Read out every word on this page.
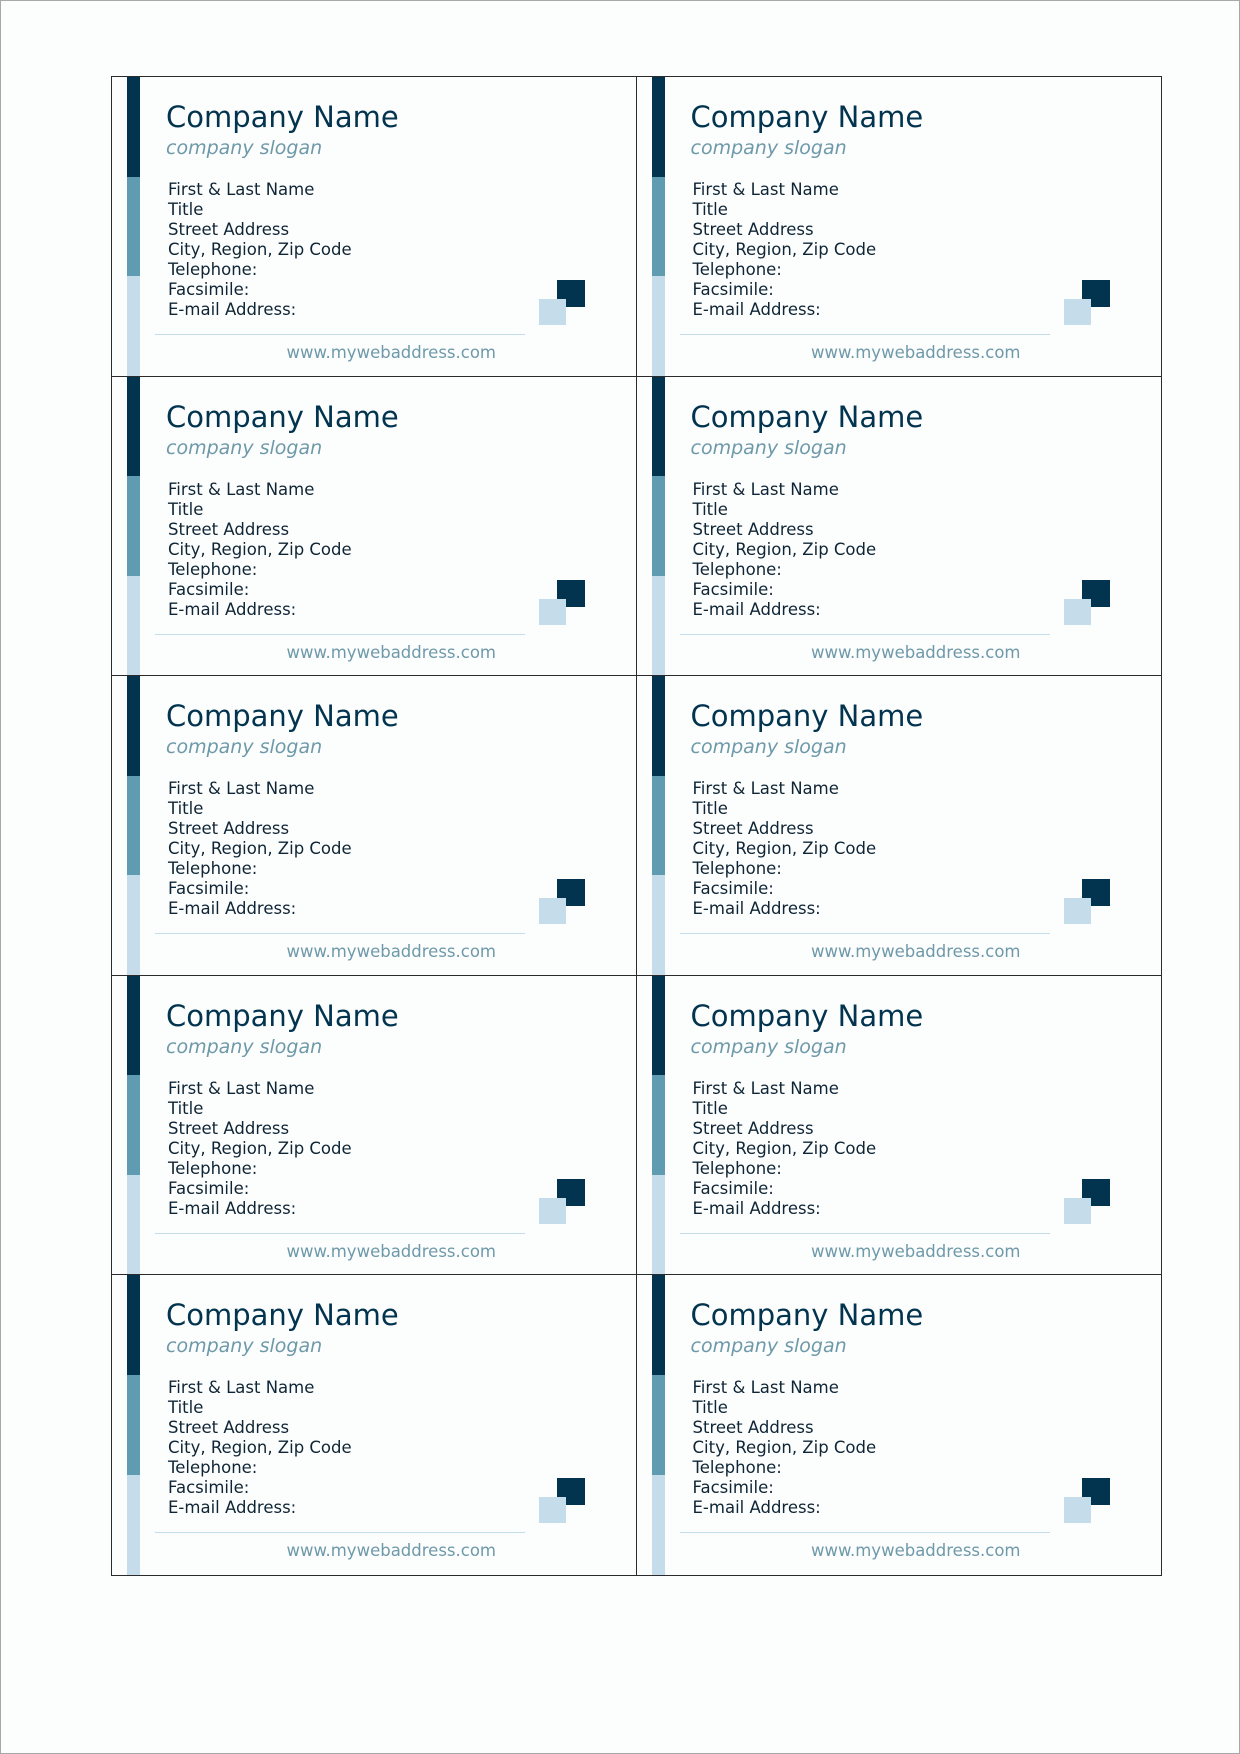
Company Name
company slogan
First & Last Name
Title
Street Address
City, Region, Zip Code
Telephone:
Facsimile:
E-mail Address:
www.mywebaddress.com
Company Name
company slogan
First & Last Name
Title
Street Address
City, Region, Zip Code
Telephone:
Facsimile:
E-mail Address:
www.mywebaddress.com
Company Name
company slogan
First & Last Name
Title
Street Address
City, Region, Zip Code
Telephone:
Facsimile:
E-mail Address:
www.mywebaddress.com
Company Name
company slogan
First & Last Name
Title
Street Address
City, Region, Zip Code
Telephone:
Facsimile:
E-mail Address:
www.mywebaddress.com
Company Name
company slogan
First & Last Name
Title
Street Address
City, Region, Zip Code
Telephone:
Facsimile:
E-mail Address:
www.mywebaddress.com
Company Name
company slogan
First & Last Name
Title
Street Address
City, Region, Zip Code
Telephone:
Facsimile:
E-mail Address:
www.mywebaddress.com
Company Name
company slogan
First & Last Name
Title
Street Address
City, Region, Zip Code
Telephone:
Facsimile:
E-mail Address:
www.mywebaddress.com
Company Name
company slogan
First & Last Name
Title
Street Address
City, Region, Zip Code
Telephone:
Facsimile:
E-mail Address:
www.mywebaddress.com
Company Name
company slogan
First & Last Name
Title
Street Address
City, Region, Zip Code
Telephone:
Facsimile:
E-mail Address:
www.mywebaddress.com
Company Name
company slogan
First & Last Name
Title
Street Address
City, Region, Zip Code
Telephone:
Facsimile:
E-mail Address:
www.mywebaddress.com
